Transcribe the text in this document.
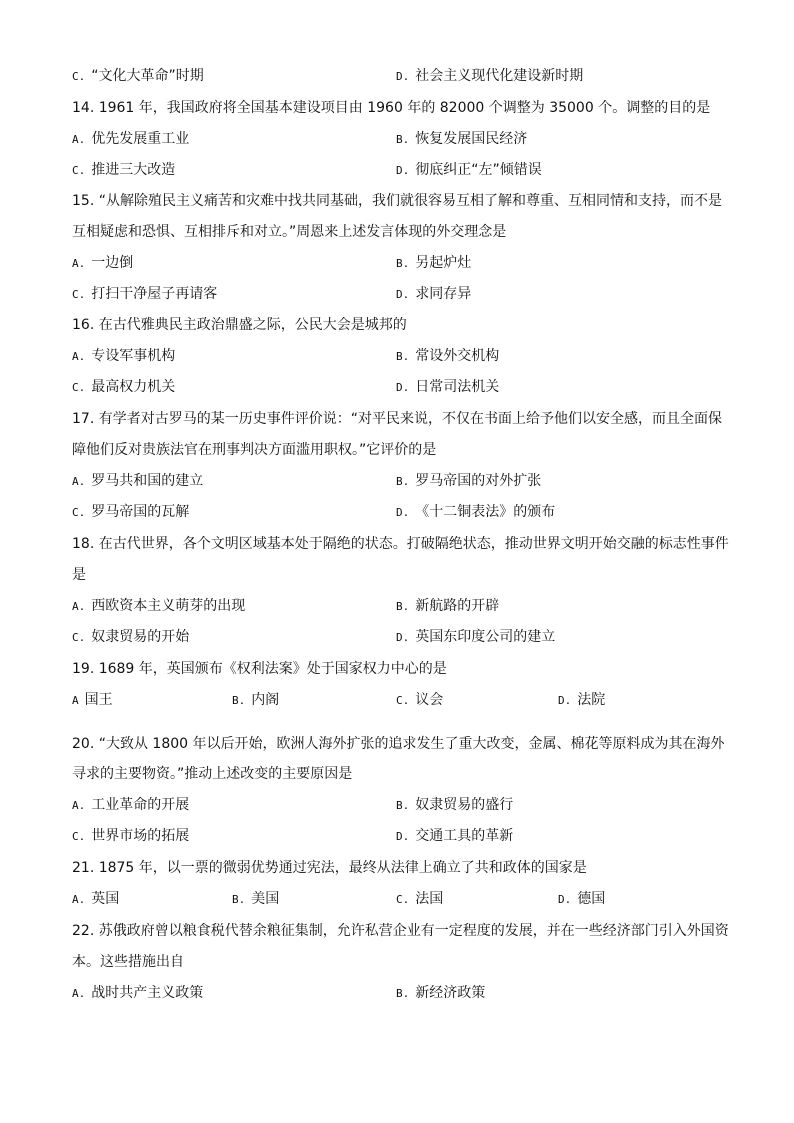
C. “文化大革命”时期	D. 社会主义现代化建设新时期
14. 1961 年，我国政府将全国基本建设项目由 1960 年的 82000 个调整为 35000 个。调整的目的是
A. 优先发展重工业	B. 恢复发展国民经济
C. 推进三大改造	D. 彻底纠正“左”倾错误
15. “从解除殖民主义痛苦和灾难中找共同基础，我们就很容易互相了解和尊重、互相同情和支持，而不是
互相疑虑和恐惧、互相排斥和对立。”周恩来上述发言体现的外交理念是
A. 一边倒	B. 另起炉灶
C. 打扫干净屋子再请客	D. 求同存异
16. 在古代雅典民主政治鼎盛之际，公民大会是城邦的
A. 专设军事机构	B. 常设外交机构
C. 最高权力机关	D. 日常司法机关
17. 有学者对古罗马的某一历史事件评价说：“对平民来说，不仅在书面上给予他们以安全感，而且全面保
障他们反对贵族法官在刑事判决方面滥用职权。”它评价的是
A. 罗马共和国的建立	B. 罗马帝国的对外扩张
C. 罗马帝国的瓦解	D. 《十二铜表法》的颁布
18. 在古代世界，各个文明区域基本处于隔绝的状态。打破隔绝状态，推动世界文明开始交融的标志性事件
是
A. 西欧资本主义萌芽的出现	B. 新航路的开辟
C. 奴隶贸易的开始	D. 英国东印度公司的建立
19. 1689 年，英国颁布《权利法案》处于国家权力中心的是
A 国王	B. 内阁	C. 议会	D. 法院
20. “大致从 1800 年以后开始，欧洲人海外扩张的追求发生了重大改变，金属、棉花等原料成为其在海外
寻求的主要物资。”推动上述改变的主要原因是
A. 工业革命的开展	B. 奴隶贸易的盛行
C. 世界市场的拓展	D. 交通工具的革新
21. 1875 年，以一票的微弱优势通过宪法，最终从法律上确立了共和政体的国家是
A. 英国	B. 美国	C. 法国	D. 德国
22. 苏俄政府曾以粮食税代替余粮征集制，允许私营企业有一定程度的发展，并在一些经济部门引入外国资
本。这些措施出自
A. 战时共产主义政策	B. 新经济政策
